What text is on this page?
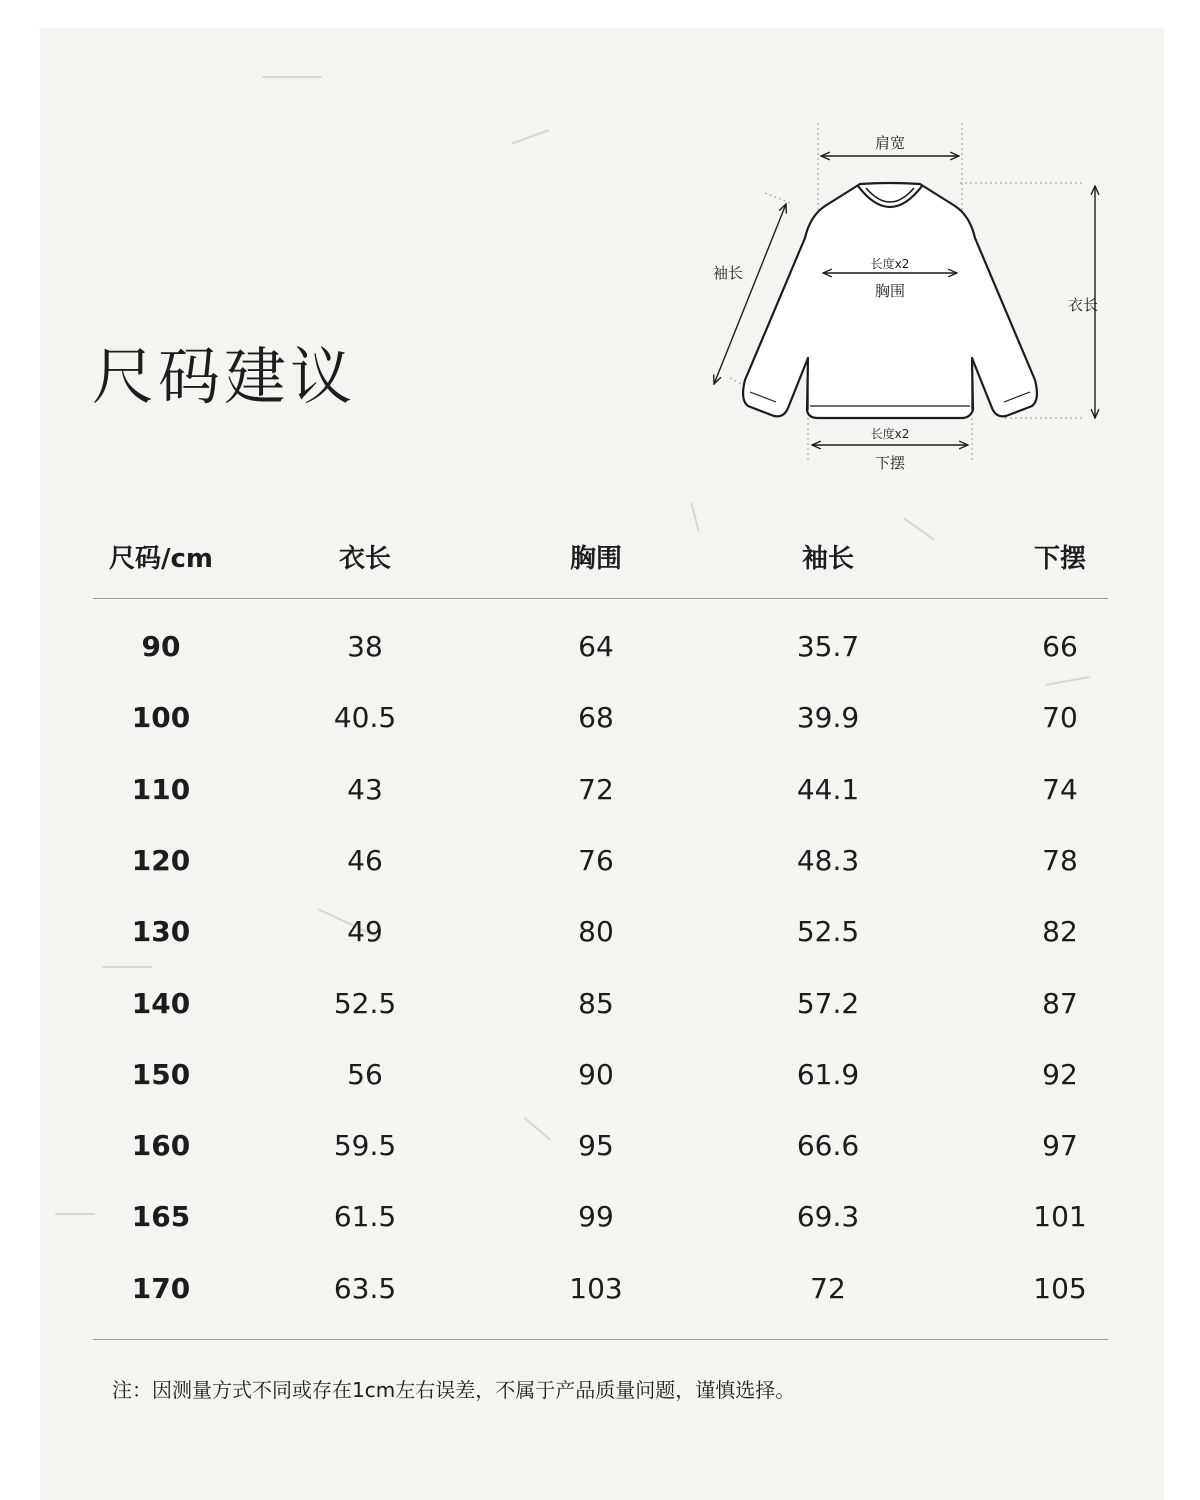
尺码建议
肩宽
袖长	长度x2
胸围
衣长
长度x2
下摆
尺码/cm	衣长	胸围	袖长	下摆
90	38	64	35.7	66
100	40.5	68	39.9	70
110	43	72	44.1	74
120	46	76	48.3	78
130	49	80	52.5	82
140	52.5	85	57.2	87
150	56	90	61.9	92
160	59.5	95	66.6	97
165	61.5	99	69.3	101
170	63.5	103	72	105

注：因测量方式不同或存在1cm左右误差，不属于产品质量问题，谨慎选择。
